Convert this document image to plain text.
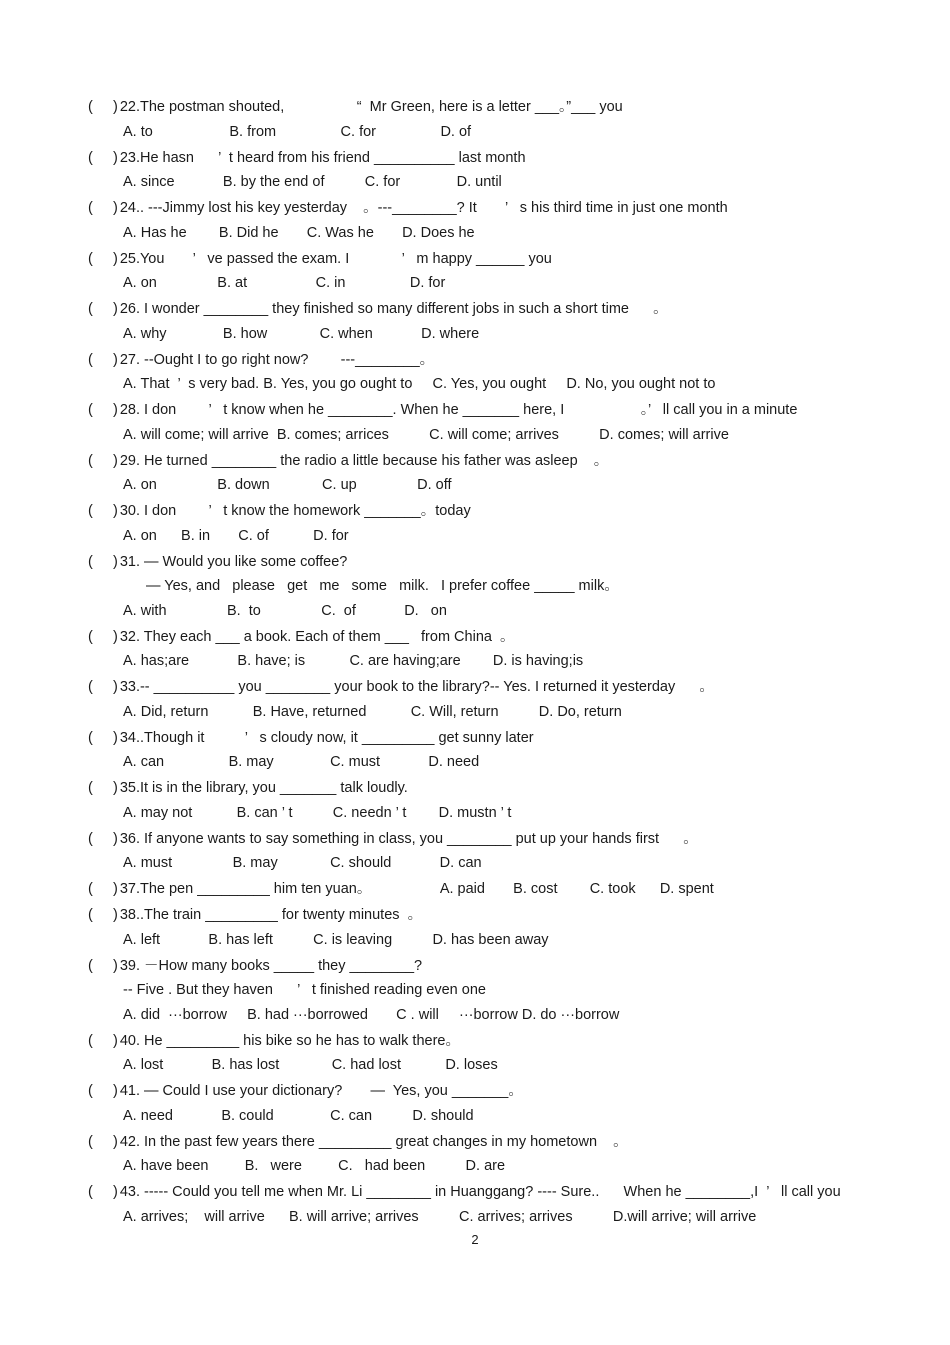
(     ) 22.The postman shouted,                  “  Mr Green, here is a letter ___。”___ you
A. to                   B. from                C. for                D. of
(     ) 23.He hasn      ’  t heard from his friend __________ last month
A. since            B. by the end of          C. for              D. until
(     ) 24.. ---Jimmy lost his key yesterday    。---________? It       ’   s his third time in just one month
A. Has he        B. Did he       C. Was he       D. Does he
(     ) 25.You       ’   ve passed the exam. I             ’   m happy ______ you
A. on               B. at                 C. in                D. for
(     ) 26. I wonder ________ they finished so many different jobs in such a short time      。
A. why              B. how             C. when            D. where
(     ) 27. --Ought I to go right now?        ---________。
A. That  ’  s very bad. B. Yes, you go ought to     C. Yes, you ought     D. No, you ought not to
(     ) 28. I don        ’   t know when he ________. When he _______ here, I                   。’   ll call you in a minute
A. will come; will arrive  B. comes; arrices          C. will come; arrives          D. comes; will arrive
(     ) 29. He turned ________ the radio a little because his father was asleep    。
A. on               B. down             C. up               D. off
(     ) 30. I don        ’   t know the homework _______。today
A. on      B. in       C. of           D. for
(     ) 31. — Would you like some coffee?
— Yes, and   please   get   me   some   milk.   I prefer coffee _____ milk。
A. with               B.  to               C.  of            D.   on
(     ) 32. They each ___ a book. Each of them ___   from China  。
A. has;are            B. have; is           C. are having;are        D. is having;is
(     ) 33.-- __________ you ________ your book to the library?-- Yes. I returned it yesterday      。
A. Did, return           B. Have, returned           C. Will, return          D. Do, return
(     ) 34..Though it          ’   s cloudy now, it _________ get sunny later
A. can                B. may              C. must            D. need
(     ) 35.It is in the library, you _______ talk loudly.
A. may not           B. can ’ t          C. needn ’ t        D. mustn ’ t
(     ) 36. If anyone wants to say something in class, you ________ put up your hands first      。
A. must               B. may             C. should            D. can
(     ) 37.The pen _________ him ten yuan。                 A. paid       B. cost        C. took      D. spent
(     ) 38..The train _________ for twenty minutes  。
A. left            B. has left          C. is leaving          D. has been away
(     ) 39. －How many books _____ they ________?
-- Five . But they haven      ’   t finished reading even one
A. did  ···borrow     B. had ···borrowed       C . will     ···borrow D. do ···borrow
(     ) 40. He _________ his bike so he has to walk there。
A. lost            B. has lost             C. had lost           D. loses
(     ) 41. — Could I use your dictionary?       —  Yes, you _______。
A. need            B. could              C. can          D. should
(     ) 42. In the past few years there _________ great changes in my hometown    。
A. have been         B.   were         C.   had been          D. are
(     ) 43. ----- Could you tell me when Mr. Li ________ in Huanggang? ---- Sure..      When he ________,I  ’   ll call you
A. arrives;    will arrive      B. will arrive; arrives          C. arrives; arrives          D.will arrive; will arrive
2
